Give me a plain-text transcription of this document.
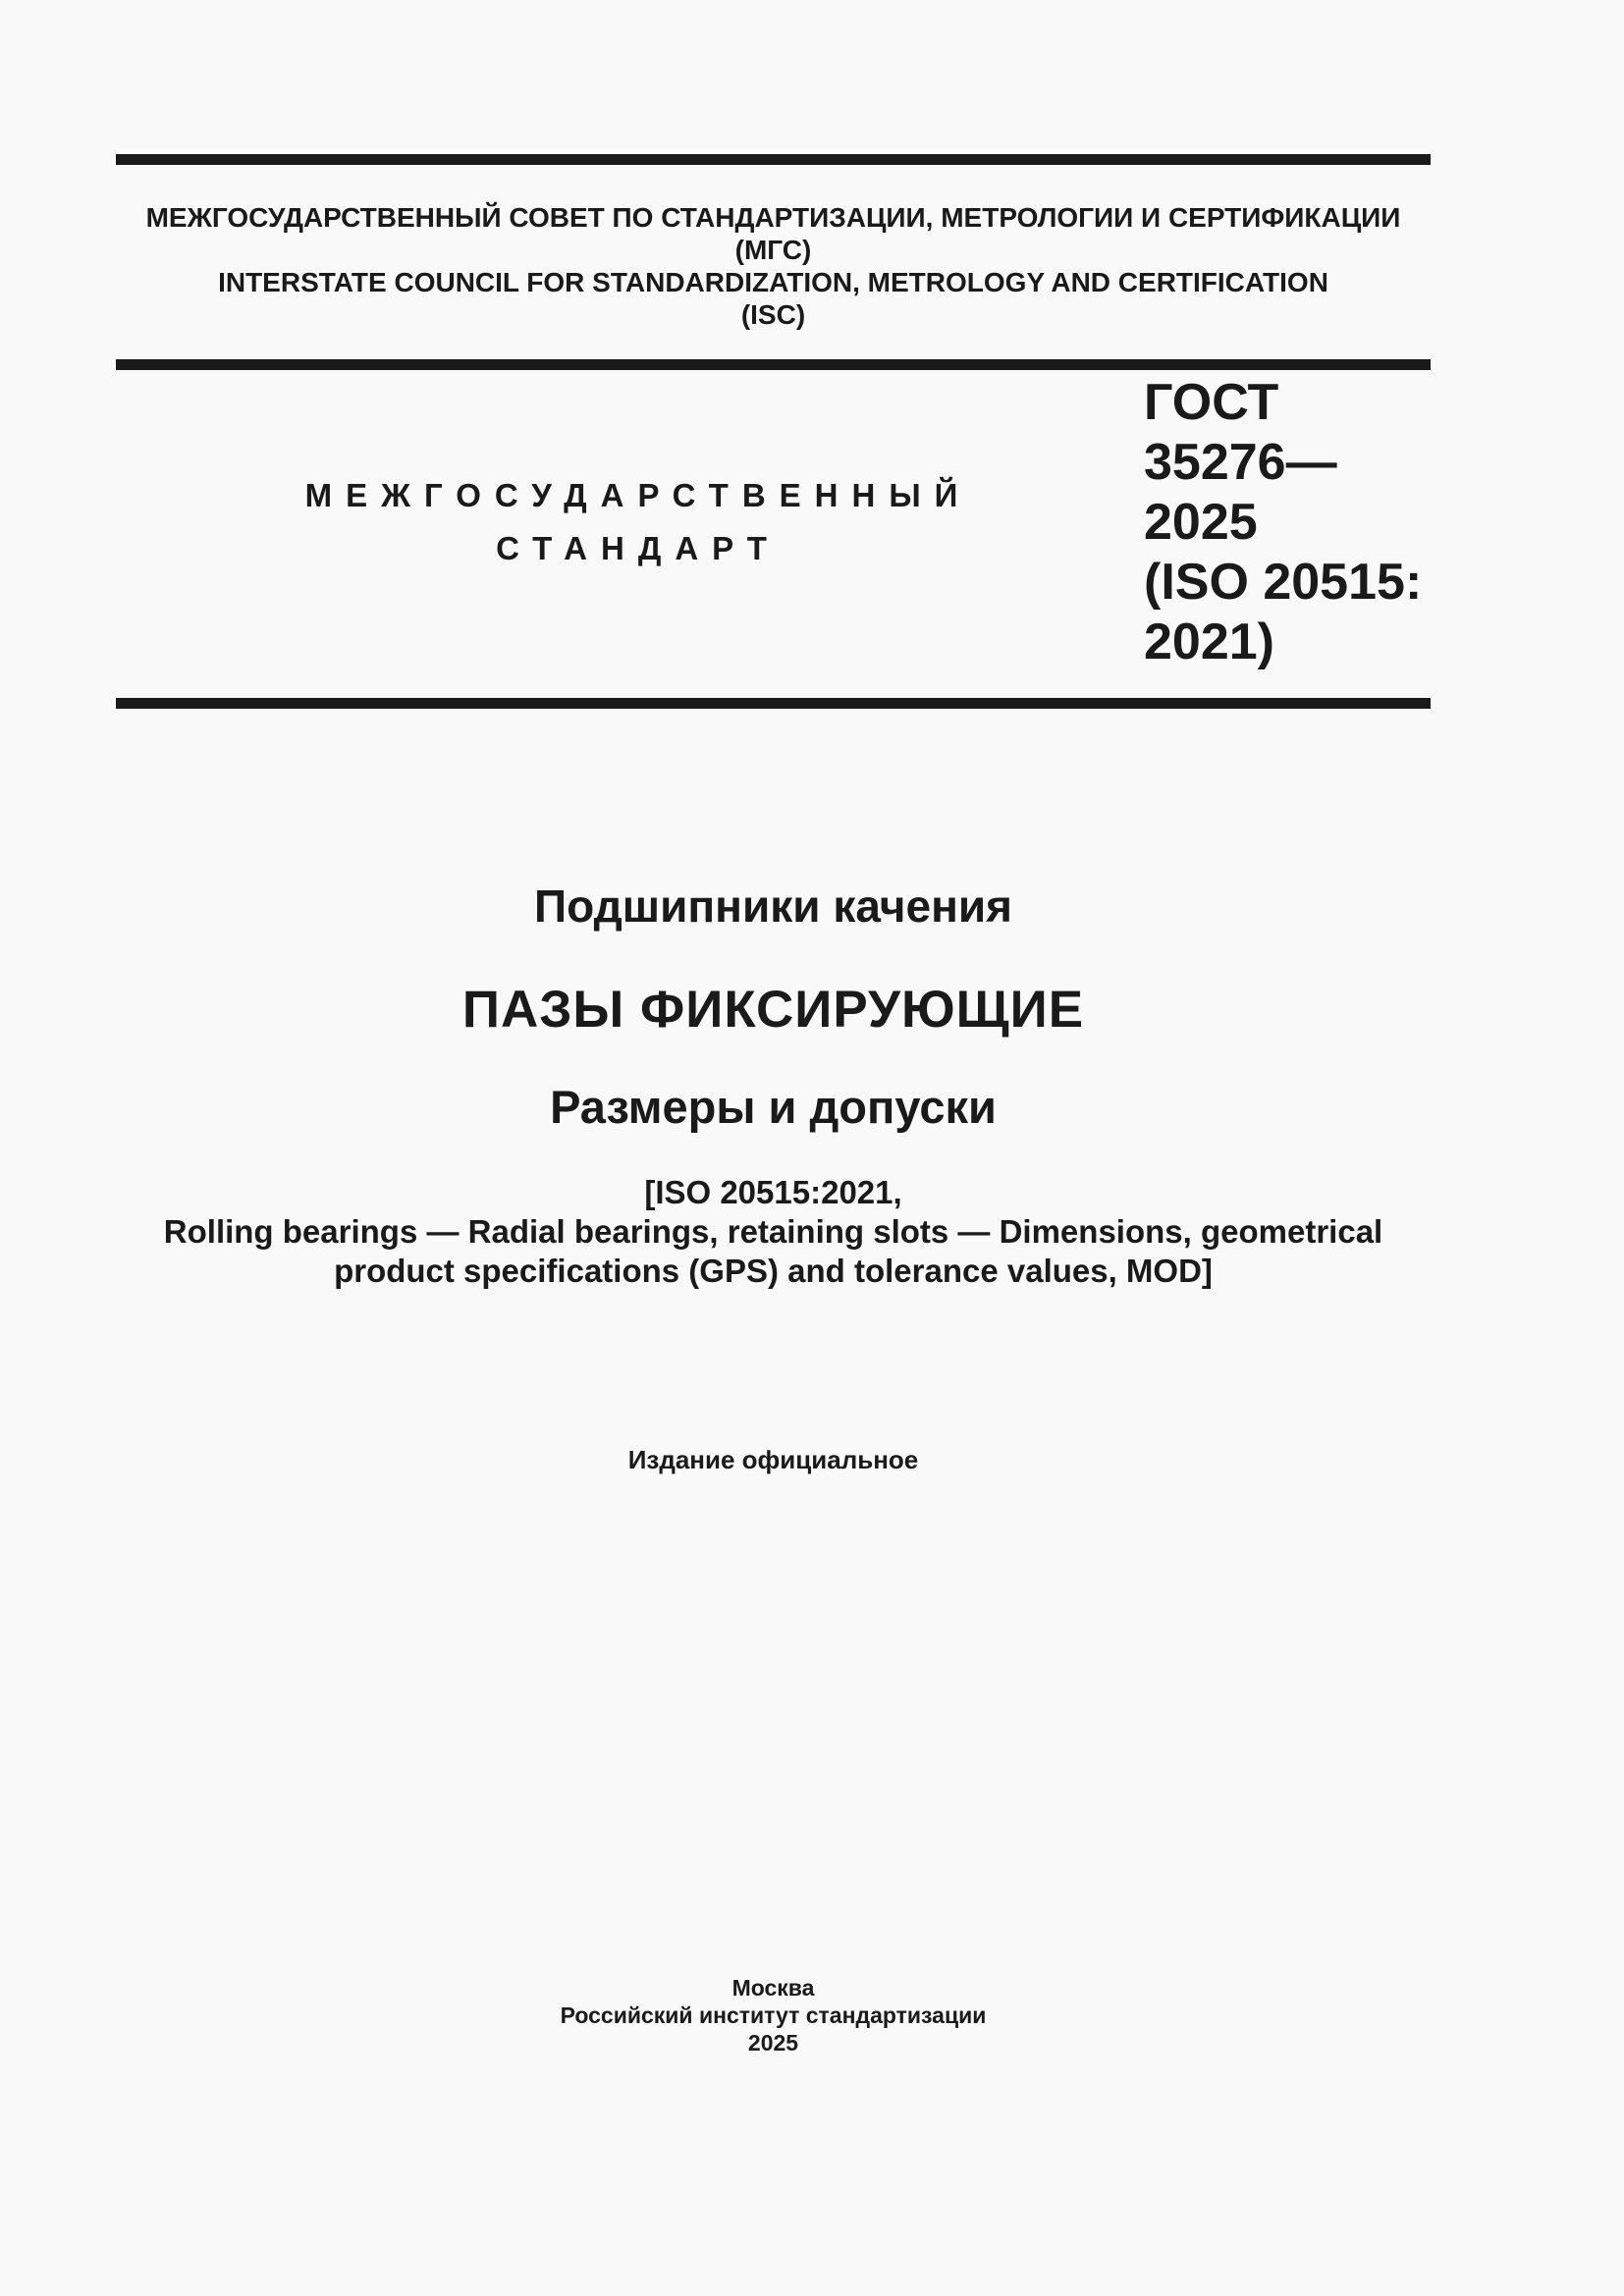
МЕЖГОСУДАРСТВЕННЫЙ СОВЕТ ПО СТАНДАРТИЗАЦИИ, МЕТРОЛОГИИ И СЕРТИФИКАЦИИ
(МГС)
INTERSTATE COUNCIL FOR STANDARDIZATION, METROLOGY AND CERTIFICATION
(ISC)
МЕЖГОСУДАРСТВЕННЫЙ
СТАНДАРТ
ГОСТ
35276—
2025
(ISO 20515:
2021)
Подшипники качения
ПАЗЫ ФИКСИРУЮЩИЕ
Размеры и допуски
[ISO 20515:2021,
Rolling bearings — Radial bearings, retaining slots — Dimensions, geometrical
product specifications (GPS) and tolerance values, MOD]
Издание официальное
Москва
Российский институт стандартизации
2025
